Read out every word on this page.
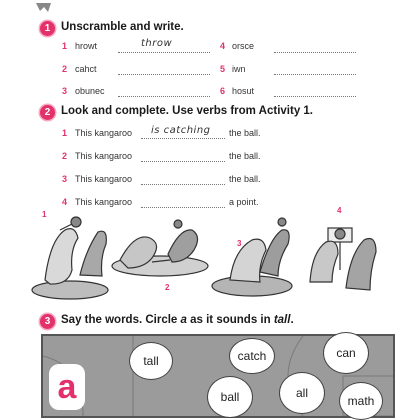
1 Unscramble and write.
1 hrowt	throw
2 cahct
3 obunec
4 orsce
5 iwn
6 hosut
2 Look and complete. Use verbs from Activity 1.
1 This kangaroo is catching the ball.
2 This kangaroo	the ball.
3 This kangaroo	the ball.
4 This kangaroo	a point.
1
2
3
4
3 Say the words. Circle a as it sounds in tall.
a
tall	catch	can
ball	all
math
